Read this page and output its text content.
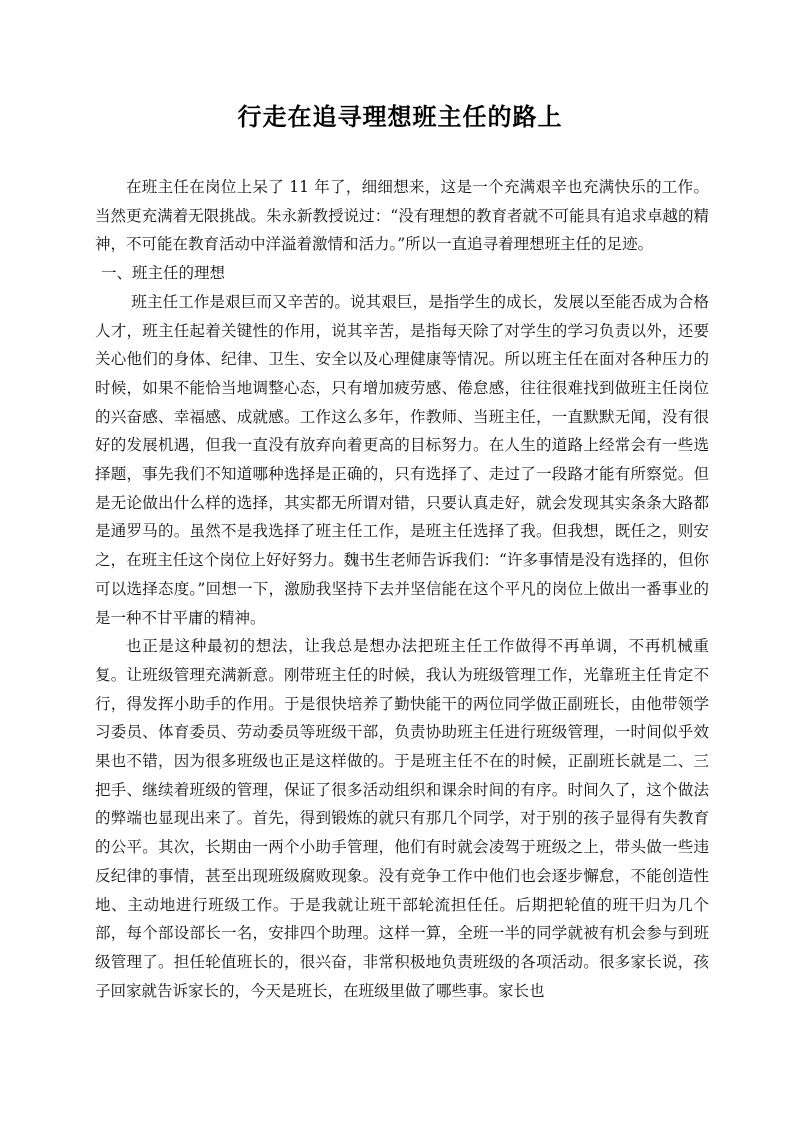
行走在追寻理想班主任的路上

在班主任在岗位上呆了 11 年了，细细想来，这是一个充满艰辛也充满快乐的工作。当然更充满着无限挑战。朱永新教授说过：“没有理想的教育者就不可能具有追求卓越的精神，不可能在教育活动中洋溢着激情和活力。”所以一直追寻着理想班主任的足迹。

一、班主任的理想

班主任工作是艰巨而又辛苦的。说其艰巨，是指学生的成长，发展以至能否成为合格人才，班主任起着关键性的作用，说其辛苦，是指每天除了对学生的学习负责以外，还要关心他们的身体、纪律、卫生、安全以及心理健康等情况。所以班主任在面对各种压力的时候，如果不能恰当地调整心态，只有增加疲劳感、倦怠感，往往很难找到做班主任岗位的兴奋感、幸福感、成就感。工作这么多年，作教师、当班主任，一直默默无闻，没有很好的发展机遇，但我一直没有放弃向着更高的目标努力。在人生的道路上经常会有一些选择题，事先我们不知道哪种选择是正确的，只有选择了、走过了一段路才能有所察觉。但是无论做出什么样的选择，其实都无所谓对错，只要认真走好，就会发现其实条条大路都是通罗马的。虽然不是我选择了班主任工作，是班主任选择了我。但我想，既任之，则安之，在班主任这个岗位上好好努力。魏书生老师告诉我们：“许多事情是没有选择的，但你可以选择态度。”回想一下，激励我坚持下去并坚信能在这个平凡的岗位上做出一番事业的是一种不甘平庸的精神。

也正是这种最初的想法，让我总是想办法把班主任工作做得不再单调，不再机械重复。让班级管理充满新意。刚带班主任的时候，我认为班级管理工作，光靠班主任肯定不行，得发挥小助手的作用。于是很快培养了勤快能干的两位同学做正副班长，由他带领学习委员、体育委员、劳动委员等班级干部，负责协助班主任进行班级管理，一时间似乎效果也不错，因为很多班级也正是这样做的。于是班主任不在的时候，正副班长就是二、三把手、继续着班级的管理，保证了很多活动组织和课余时间的有序。时间久了，这个做法的弊端也显现出来了。首先，得到锻炼的就只有那几个同学，对于别的孩子显得有失教育的公平。其次，长期由一两个小助手管理，他们有时就会凌驾于班级之上，带头做一些违反纪律的事情，甚至出现班级腐败现象。没有竞争工作中他们也会逐步懈怠，不能创造性地、主动地进行班级工作。于是我就让班干部轮流担任任。后期把轮值的班干归为几个部，每个部设部长一名，安排四个助理。这样一算，全班一半的同学就被有机会参与到班级管理了。担任轮值班长的，很兴奋，非常积极地负责班级的各项活动。很多家长说，孩子回家就告诉家长的，今天是班长，在班级里做了哪些事。家长也
